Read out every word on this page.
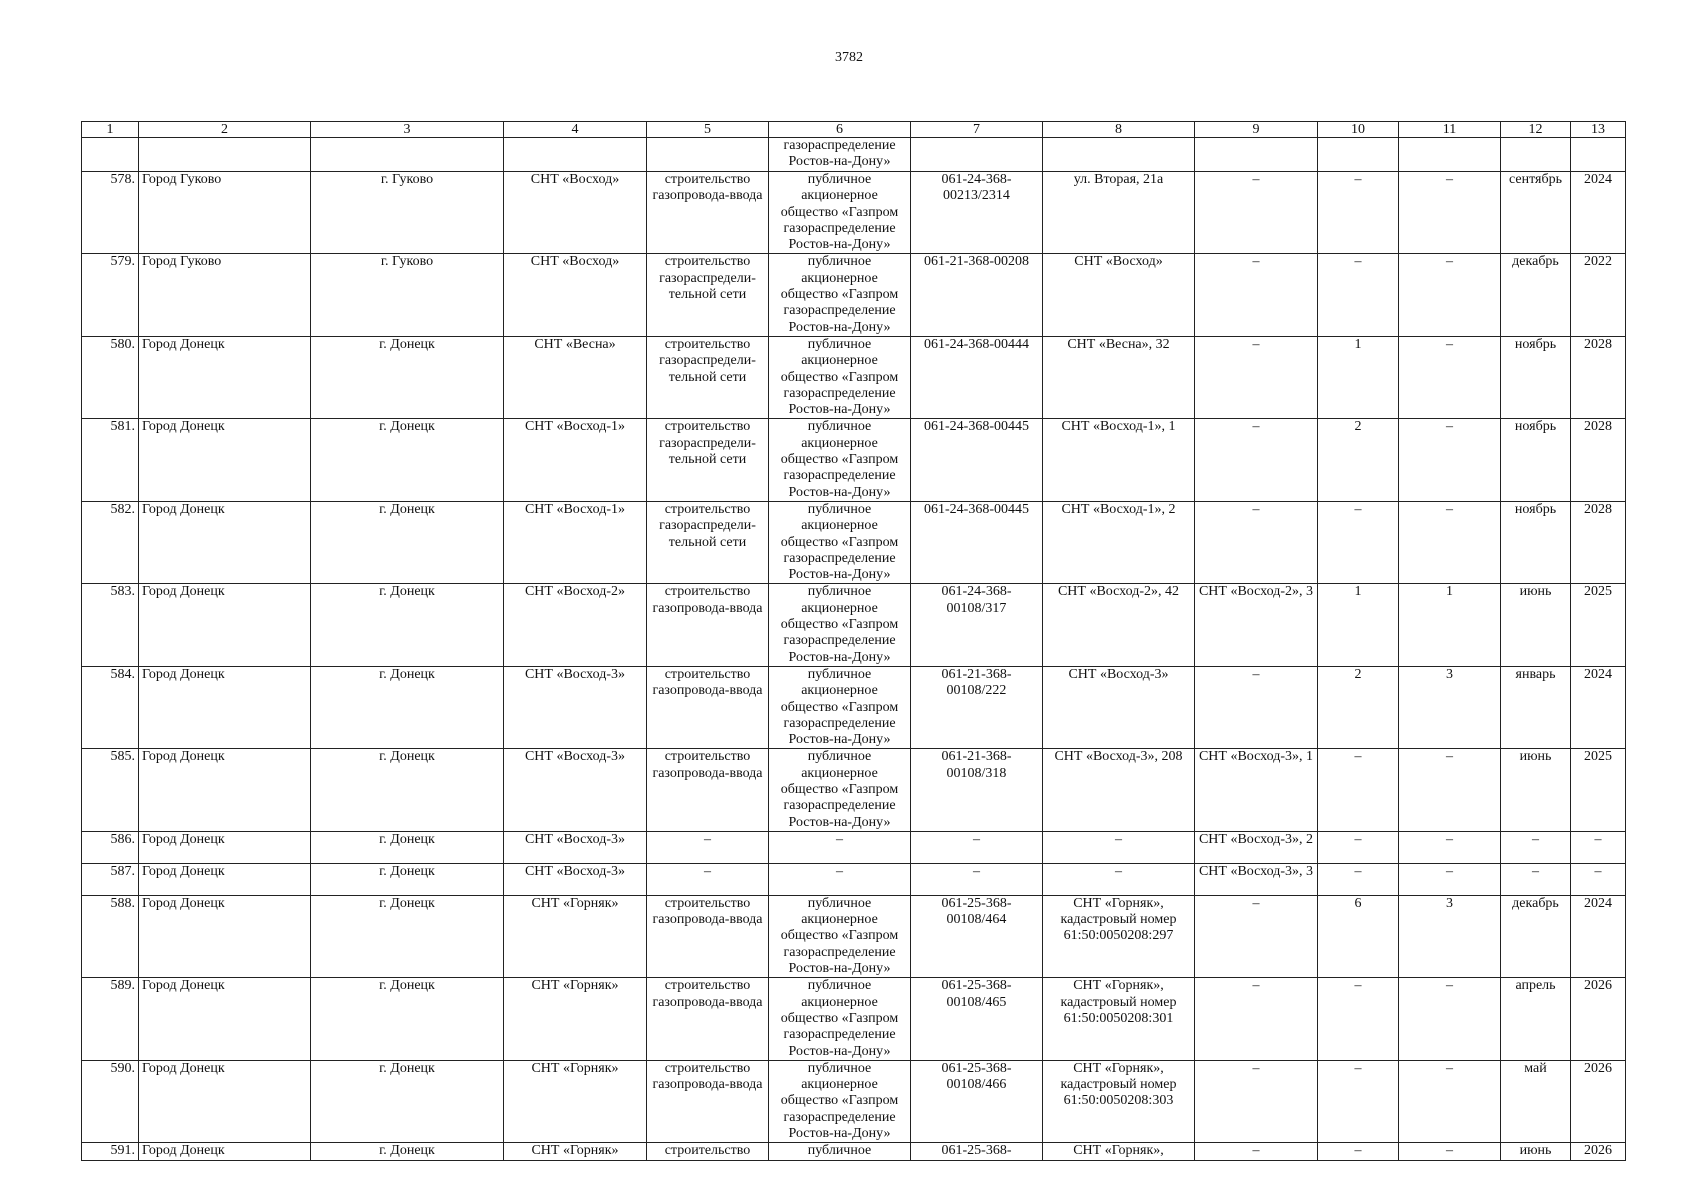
3782
1	2	3	4	5	6	7	8	9	10	11	12	13
					газораспределение Ростов-на-Дону»							
578.	Город Гуково	г. Гуково	СНТ «Восход»	строительство газопровода-ввода	публичное акционерное общество «Газпром газораспределение Ростов-на-Дону»	061-24-368-00213/2314	ул. Вторая, 21а	–	–	–	сентябрь	2024
579.	Город Гуково	г. Гуково	СНТ «Восход»	строительство газораспредели-тельной сети	публичное акционерное общество «Газпром газораспределение Ростов-на-Дону»	061-21-368-00208	СНТ «Восход»	–	–	–	декабрь	2022
580.	Город Донецк	г. Донецк	СНТ «Весна»	строительство газораспредели-тельной сети	публичное акционерное общество «Газпром газораспределение Ростов-на-Дону»	061-24-368-00444	СНТ «Весна», 32	–	1	–	ноябрь	2028
581.	Город Донецк	г. Донецк	СНТ «Восход-1»	строительство газораспредели-тельной сети	публичное акционерное общество «Газпром газораспределение Ростов-на-Дону»	061-24-368-00445	СНТ «Восход-1», 1	–	2	–	ноябрь	2028
582.	Город Донецк	г. Донецк	СНТ «Восход-1»	строительство газораспредели-тельной сети	публичное акционерное общество «Газпром газораспределение Ростов-на-Дону»	061-24-368-00445	СНТ «Восход-1», 2	–	–	–	ноябрь	2028
583.	Город Донецк	г. Донецк	СНТ «Восход-2»	строительство газопровода-ввода	публичное акционерное общество «Газпром газораспределение Ростов-на-Дону»	061-24-368-00108/317	СНТ «Восход-2», 42	СНТ «Восход-2», 3	1	1	июнь	2025
584.	Город Донецк	г. Донецк	СНТ «Восход-3»	строительство газопровода-ввода	публичное акционерное общество «Газпром газораспределение Ростов-на-Дону»	061-21-368-00108/222	СНТ «Восход-3»	–	2	3	январь	2024
585.	Город Донецк	г. Донецк	СНТ «Восход-3»	строительство газопровода-ввода	публичное акционерное общество «Газпром газораспределение Ростов-на-Дону»	061-21-368-00108/318	СНТ «Восход-3», 208	СНТ «Восход-3», 1	–	–	июнь	2025
586.	Город Донецк	г. Донецк	СНТ «Восход-3»	–	–	–	–	СНТ «Восход-3», 2	–	–	–	–
587.	Город Донецк	г. Донецк	СНТ «Восход-3»	–	–	–	–	СНТ «Восход-3», 3	–	–	–	–
588.	Город Донецк	г. Донецк	СНТ «Горняк»	строительство газопровода-ввода	публичное акционерное общество «Газпром газораспределение Ростов-на-Дону»	061-25-368-00108/464	СНТ «Горняк», кадастровый номер 61:50:0050208:297	–	6	3	декабрь	2024
589.	Город Донецк	г. Донецк	СНТ «Горняк»	строительство газопровода-ввода	публичное акционерное общество «Газпром газораспределение Ростов-на-Дону»	061-25-368-00108/465	СНТ «Горняк», кадастровый номер 61:50:0050208:301	–	–	–	апрель	2026
590.	Город Донецк	г. Донецк	СНТ «Горняк»	строительство газопровода-ввода	публичное акционерное общество «Газпром газораспределение Ростов-на-Дону»	061-25-368-00108/466	СНТ «Горняк», кадастровый номер 61:50:0050208:303	–	–	–	май	2026
591.	Город Донецк	г. Донецк	СНТ «Горняк»	строительство	публичное	061-25-368-	СНТ «Горняк»,	–	–	–	июнь	2026
